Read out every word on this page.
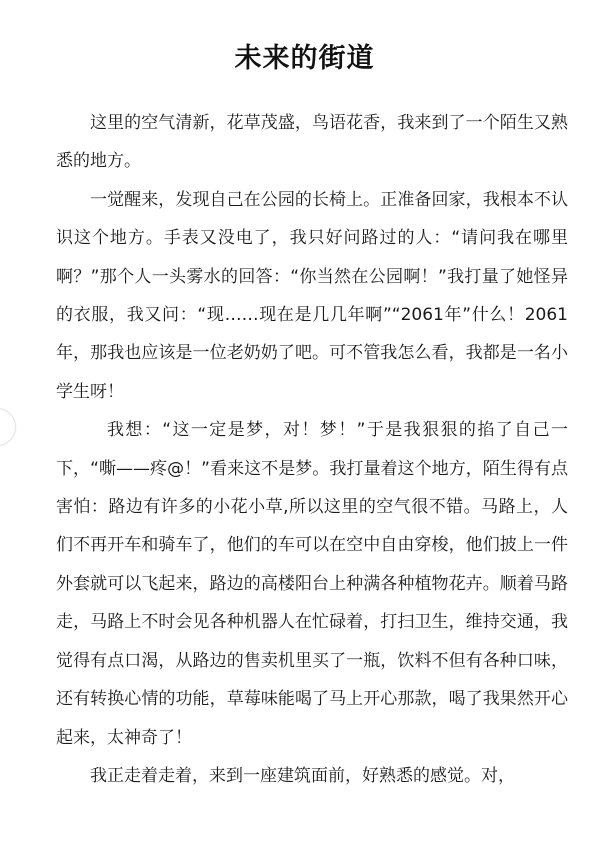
未来的街道

这里的空气清新，花草茂盛，鸟语花香，我来到了一个陌生又熟悉的地方。

一觉醒来，发现自己在公园的长椅上。正准备回家，我根本不认识这个地方。手表又没电了，我只好问路过的人：“请问我在哪里啊？”那个人一头雾水的回答：“你当然在公园啊！”我打量了她怪异的衣服，我又问：“现……现在是几几年啊”“2061年”什么！2061年，那我也应该是一位老奶奶了吧。可不管我怎么看，我都是一名小学生呀！

我想：“这一定是梦，对！梦！”于是我狠狠的掐了自己一下，“嘶——疼@！”看来这不是梦。我打量着这个地方，陌生得有点害怕：路边有许多的小花小草,所以这里的空气很不错。马路上，人们不再开车和骑车了，他们的车可以在空中自由穿梭，他们披上一件外套就可以飞起来，路边的高楼阳台上种满各种植物花卉。顺着马路走，马路上不时会见各种机器人在忙碌着，打扫卫生，维持交通，我觉得有点口渴，从路边的售卖机里买了一瓶，饮料不但有各种口味，还有转换心情的功能，草莓味能喝了马上开心那款，喝了我果然开心起来，太神奇了！

我正走着走着，来到一座建筑面前，好熟悉的感觉。对，
